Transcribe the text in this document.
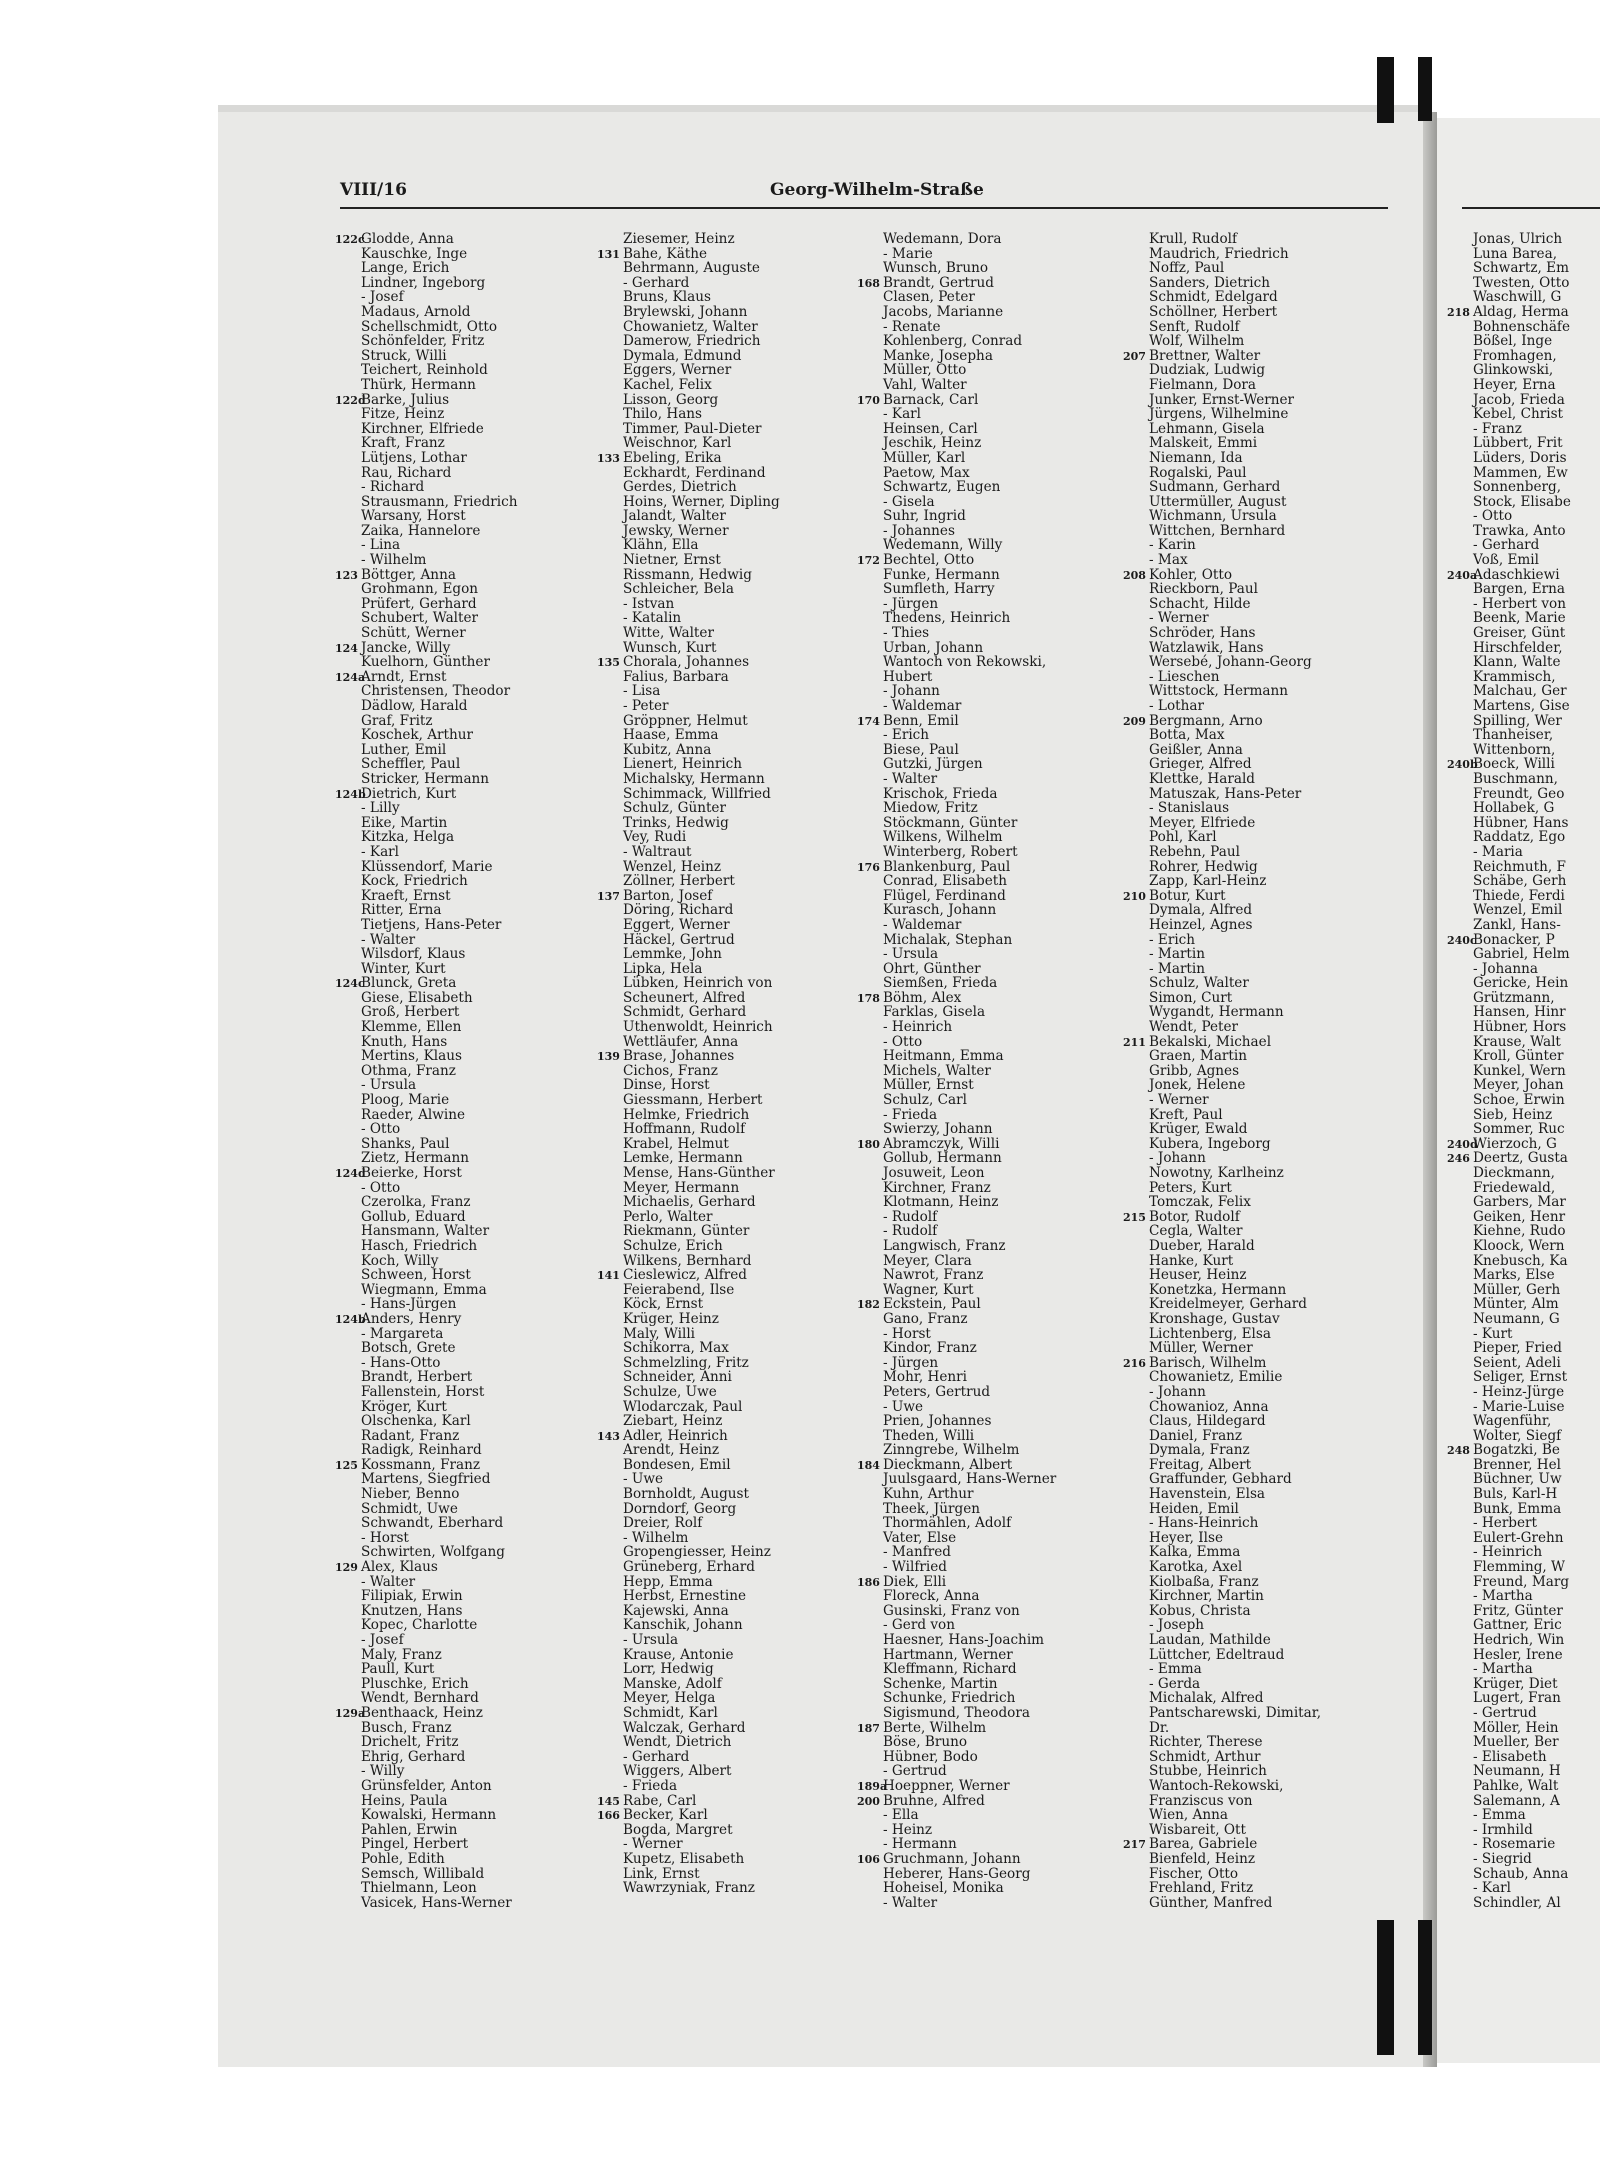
VIII/16	Georg-Wilhelm-Straße
122c
Glodde, Anna
Kauschke, Inge
Lange, Erich
Lindner, Ingeborg
- Josef
Madaus, Arnold
Schellschmidt, Otto
Schönfelder, Fritz
Struck, Willi
Teichert, Reinhold
Thürk, Hermann
122d
Barke, Julius
Fitze, Heinz
Kirchner, Elfriede
Kraft, Franz
Lütjens, Lothar
Rau, Richard
- Richard
Strausmann, Friedrich
Warsany, Horst
Zaika, Hannelore
- Lina
- Wilhelm
123 Böttger, Anna
Grohmann, Egon
Prüfert, Gerhard
Schubert, Walter
Schütt, Werner
124 Jancke, Willy
Kuelhorn, Günther
124a
Arndt, Ernst
Christensen, Theodor
Dädlow, Harald
Graf, Fritz
Koschek, Arthur
Luther, Emil
Scheffler, Paul
Stricker, Hermann
124b
Dietrich, Kurt
- Lilly
Eike, Martin
Kitzka, Helga
- Karl
Klüssendorf, Marie
Kock, Friedrich
Kraeft, Ernst
Ritter, Erna
Tietjens, Hans-Peter
- Walter
Wilsdorf, Klaus
Winter, Kurt
124c
Blunck, Greta
Giese, Elisabeth
Groß, Herbert
Klemme, Ellen
Knuth, Hans
Mertins, Klaus
Othma, Franz
- Ursula
Ploog, Marie
Raeder, Alwine
- Otto
Shanks, Paul
Zietz, Hermann
124d
Beierke, Horst
- Otto
Czerolka, Franz
Gollub, Eduard
Hansmann, Walter
Hasch, Friedrich
Koch, Willy
Schween, Horst
Wiegmann, Emma
- Hans-Jürgen
124b
Anders, Henry
- Margareta
Botsch, Grete
- Hans-Otto
Brandt, Herbert
Fallenstein, Horst
Kröger, Kurt
Olschenka, Karl
Radant, Franz
Radigk, Reinhard
125 Kossmann, Franz
Martens, Siegfried
Nieber, Benno
Schmidt, Uwe
Schwandt, Eberhard
- Horst
Schwirten, Wolfgang
129 Alex, Klaus
- Walter
Filipiak, Erwin
Knutzen, Hans
Kopec, Charlotte
- Josef
Maly, Franz
Paull, Kurt
Pluschke, Erich
Wendt, Bernhard
129a
Benthaack, Heinz
Busch, Franz
Drichelt, Fritz
Ehrig, Gerhard
- Willy
Grünsfelder, Anton
Heins, Paula
Kowalski, Hermann
Pahlen, Erwin
Pingel, Herbert
Pohle, Edith
Semsch, Willibald
Thielmann, Leon
Vasicek, Hans-Werner
Ziesemer, Heinz
131 Bahe, Käthe
Behrmann, Auguste
- Gerhard
Bruns, Klaus
Brylewski, Johann
Chowanietz, Walter
Damerow, Friedrich
Dymala, Edmund
Eggers, Werner
Kachel, Felix
Lisson, Georg
Thilo, Hans
Timmer, Paul-Dieter
Weischnor, Karl
133 Ebeling, Erika
Eckhardt, Ferdinand
Gerdes, Dietrich
Hoins, Werner, Dipling
Jalandt, Walter
Jewsky, Werner
Klähn, Ella
Nietner, Ernst
Rissmann, Hedwig
Schleicher, Bela
- Istvan
- Katalin
Witte, Walter
Wunsch, Kurt
135 Chorala, Johannes
Falius, Barbara
- Lisa
- Peter
Gröppner, Helmut
Haase, Emma
Kubitz, Anna
Lienert, Heinrich
Michalsky, Hermann
Schimmack, Willfried
Schulz, Günter
Trinks, Hedwig
Vey, Rudi
- Waltraut
Wenzel, Heinz
Zöllner, Herbert
137 Barton, Josef
Döring, Richard
Eggert, Werner
Häckel, Gertrud
Lemmke, John
Lipka, Hela
Lübken, Heinrich von
Scheunert, Alfred
Schmidt, Gerhard
Uthenwoldt, Heinrich
Wettläufer, Anna
139 Brase, Johannes
Cichos, Franz
Dinse, Horst
Giessmann, Herbert
Helmke, Friedrich
Hoffmann, Rudolf
Krabel, Helmut
Lemke, Hermann
Mense, Hans-Günther
Meyer, Hermann
Michaelis, Gerhard
Perlo, Walter
Riekmann, Günter
Schulze, Erich
Wilkens, Bernhard
141 Cieslewicz, Alfred
Feierabend, Ilse
Köck, Ernst
Krüger, Heinz
Maly, Willi
Schikorra, Max
Schmelzling, Fritz
Schneider, Anni
Schulze, Uwe
Wlodarczak, Paul
Ziebart, Heinz
143 Adler, Heinrich
Arendt, Heinz
Bondesen, Emil
- Uwe
Bornholdt, August
Dorndorf, Georg
Dreier, Rolf
- Wilhelm
Gropengiesser, Heinz
Grüneberg, Erhard
Hepp, Emma
Herbst, Ernestine
Kajewski, Anna
Kanschik, Johann
- Ursula
Krause, Antonie
Lorr, Hedwig
Manske, Adolf
Meyer, Helga
Schmidt, Karl
Walczak, Gerhard
Wendt, Dietrich
- Gerhard
Wiggers, Albert
- Frieda
145 Rabe, Carl
166 Becker, Karl
Bogda, Margret
- Werner
Kupetz, Elisabeth
Link, Ernst
Wawrzyniak, Franz
Wedemann, Dora
- Marie
Wunsch, Bruno
168 Brandt, Gertrud
Clasen, Peter
Jacobs, Marianne
- Renate
Kohlenberg, Conrad
Manke, Josepha
Müller, Otto
Vahl, Walter
170 Barnack, Carl
- Karl
Heinsen, Carl
Jeschik, Heinz
Müller, Karl
Paetow, Max
Schwartz, Eugen
- Gisela
Suhr, Ingrid
- Johannes
Wedemann, Willy
172 Bechtel, Otto
Funke, Hermann
Sumfleth, Harry
- Jürgen
Thedens, Heinrich
- Thies
Urban, Johann
Wantoch von Rekowski,
Hubert
- Johann
- Waldemar
174 Benn, Emil
- Erich
Biese, Paul
Gutzki, Jürgen
- Walter
Krischok, Frieda
Miedow, Fritz
Stöckmann, Günter
Wilkens, Wilhelm
Winterberg, Robert
176 Blankenburg, Paul
Conrad, Elisabeth
Flügel, Ferdinand
Kurasch, Johann
- Waldemar
Michalak, Stephan
- Ursula
Ohrt, Günther
Siemßen, Frieda
178 Böhm, Alex
Farklas, Gisela
- Heinrich
- Otto
Heitmann, Emma
Michels, Walter
Müller, Ernst
Schulz, Carl
- Frieda
Swierzy, Johann
180 Abramczyk, Willi
Gollub, Hermann
Josuweit, Leon
Kirchner, Franz
Klotmann, Heinz
- Rudolf
- Rudolf
Langwisch, Franz
Meyer, Clara
Nawrot, Franz
Wagner, Kurt
182 Eckstein, Paul
Gano, Franz
- Horst
Kindor, Franz
- Jürgen
Mohr, Henri
Peters, Gertrud
- Uwe
Prien, Johannes
Theden, Willi
Zinngrebe, Wilhelm
184 Dieckmann, Albert
Juulsgaard, Hans-Werner
Kuhn, Arthur
Theek, Jürgen
Thormählen, Adolf
Vater, Else
- Manfred
- Wilfried
186 Diek, Elli
Floreck, Anna
Gusinski, Franz von
- Gerd von
Haesner, Hans-Joachim
Hartmann, Werner
Kleffmann, Richard
Schenke, Martin
Schunke, Friedrich
Sigismund, Theodora
187 Berte, Wilhelm
Böse, Bruno
Hübner, Bodo
- Gertrud
189a
Hoeppner, Werner
200 Bruhne, Alfred
- Ella
- Heinz
- Hermann
106 Gruchmann, Johann
Heberer, Hans-Georg
Hoheisel, Monika
- Walter
Krull, Rudolf
Maudrich, Friedrich
Noffz, Paul
Sanders, Dietrich
Schmidt, Edelgard
Schöllner, Herbert
Senft, Rudolf
Wolf, Wilhelm
207 Brettner, Walter
Dudziak, Ludwig
Fielmann, Dora
Junker, Ernst-Werner
Jürgens, Wilhelmine
Lehmann, Gisela
Malskeit, Emmi
Niemann, Ida
Rogalski, Paul
Sudmann, Gerhard
Uttermüller, August
Wichmann, Ursula
Wittchen, Bernhard
- Karin
- Max
208 Kohler, Otto
Rieckborn, Paul
Schacht, Hilde
- Werner
Schröder, Hans
Watzlawik, Hans
Wersebé, Johann-Georg
- Lieschen
Wittstock, Hermann
- Lothar
209 Bergmann, Arno
Botta, Max
Geißler, Anna
Grieger, Alfred
Klettke, Harald
Matuszak, Hans-Peter
- Stanislaus
Meyer, Elfriede
Pohl, Karl
Rebehn, Paul
Rohrer, Hedwig
Zapp, Karl-Heinz
210 Botur, Kurt
Dymala, Alfred
Heinzel, Agnes
- Erich
- Martin
- Martin
Schulz, Walter
Simon, Curt
Wygandt, Hermann
Wendt, Peter
211 Bekalski, Michael
Graen, Martin
Gribb, Agnes
Jonek, Helene
- Werner
Kreft, Paul
Krüger, Ewald
Kubera, Ingeborg
- Johann
Nowotny, Karlheinz
Peters, Kurt
Tomczak, Felix
215 Botor, Rudolf
Cegla, Walter
Dueber, Harald
Hanke, Kurt
Heuser, Heinz
Konetzka, Hermann
Kreidelmeyer, Gerhard
Kronshage, Gustav
Lichtenberg, Elsa
Müller, Werner
216 Barisch, Wilhelm
Chowanietz, Emilie
- Johann
Chowanioz, Anna
Claus, Hildegard
Daniel, Franz
Dymala, Franz
Freitag, Albert
Graffunder, Gebhard
Havenstein, Elsa
Heiden, Emil
- Hans-Heinrich
Heyer, Ilse
Kalka, Emma
Karotka, Axel
Kiolbaßa, Franz
Kirchner, Martin
Kobus, Christa
- Joseph
Laudan, Mathilde
Lüttcher, Edeltraud
- Emma
- Gerda
Michalak, Alfred
Pantscharewski, Dimitar,
Dr.
Richter, Therese
Schmidt, Arthur
Stubbe, Heinrich
Wantoch-Rekowski,
Franziscus von
Wien, Anna
Wisbareit, Ott
217 Barea, Gabriele
Bienfeld, Heinz
Fischer, Otto
Frehland, Fritz
Günther, Manfred
Jonas, Ulrich
Luna Barea,
Schwartz, Em
Twesten, Otto
Waschwill, G
218 Aldag, Herma
Bohnenschäfe
Bößel, Inge
Fromhagen,
Glinkowski,
Heyer, Erna
Jacob, Frieda
Kebel, Christ
- Franz
Lübbert, Frit
Lüders, Doris
Mammen, Ew
Sonnenberg,
Stock, Elisabe
- Otto
Trawka, Anto
- Gerhard
Voß, Emil
240a
Adaschkiewi
Bargen, Erna
- Herbert von
Beenk, Marie
Greiser, Günt
Hirschfelder,
Klann, Walte
Krammisch,
Malchau, Ger
Martens, Gise
Spilling, Wer
Thanheiser,
Wittenborn,
240b
Boeck, Willi
Buschmann,
Freundt, Geo
Hollabek, G
Hübner, Hans
Raddatz, Ego
- Maria
Reichmuth, F
Schäbe, Gerh
Thiede, Ferdi
Wenzel, Emil
Zankl, Hans-
240c
Bonacker, P
Gabriel, Helm
- Johanna
Gericke, Hein
Grützmann,
Hansen, Hinr
Hübner, Hors
Krause, Walt
Kroll, Günter
Kunkel, Wern
Meyer, Johan
Schoe, Erwin
Sieb, Heinz
Sommer, Ruc
240d
Wierzoch, G
246 Deertz, Gusta
Dieckmann,
Friedewald,
Garbers, Mar
Geiken, Henr
Kiehne, Rudo
Kloock, Wern
Knebusch, Ka
Marks, Else
Müller, Gerh
Münter, Alm
Neumann, G
- Kurt
Pieper, Fried
Seient, Adeli
Seliger, Ernst
- Heinz-Jürge
- Marie-Luise
Wagenführ,
Wolter, Siegf
248 Bogatzki, Be
Brenner, Hel
Büchner, Uw
Buls, Karl-H
Bunk, Emma
- Herbert
Eulert-Grehn
- Heinrich
Flemming, W
Freund, Marg
- Martha
Fritz, Günter
Gattner, Eric
Hedrich, Win
Hesler, Irene
- Martha
Krüger, Diet
Lugert, Fran
- Gertrud
Möller, Hein
Mueller, Ber
- Elisabeth
Neumann, H
Pahlke, Walt
Salemann, A
- Emma
- Irmhild
- Rosemarie
- Siegrid
Schaub, Anna
- Karl
Schindler, Al
